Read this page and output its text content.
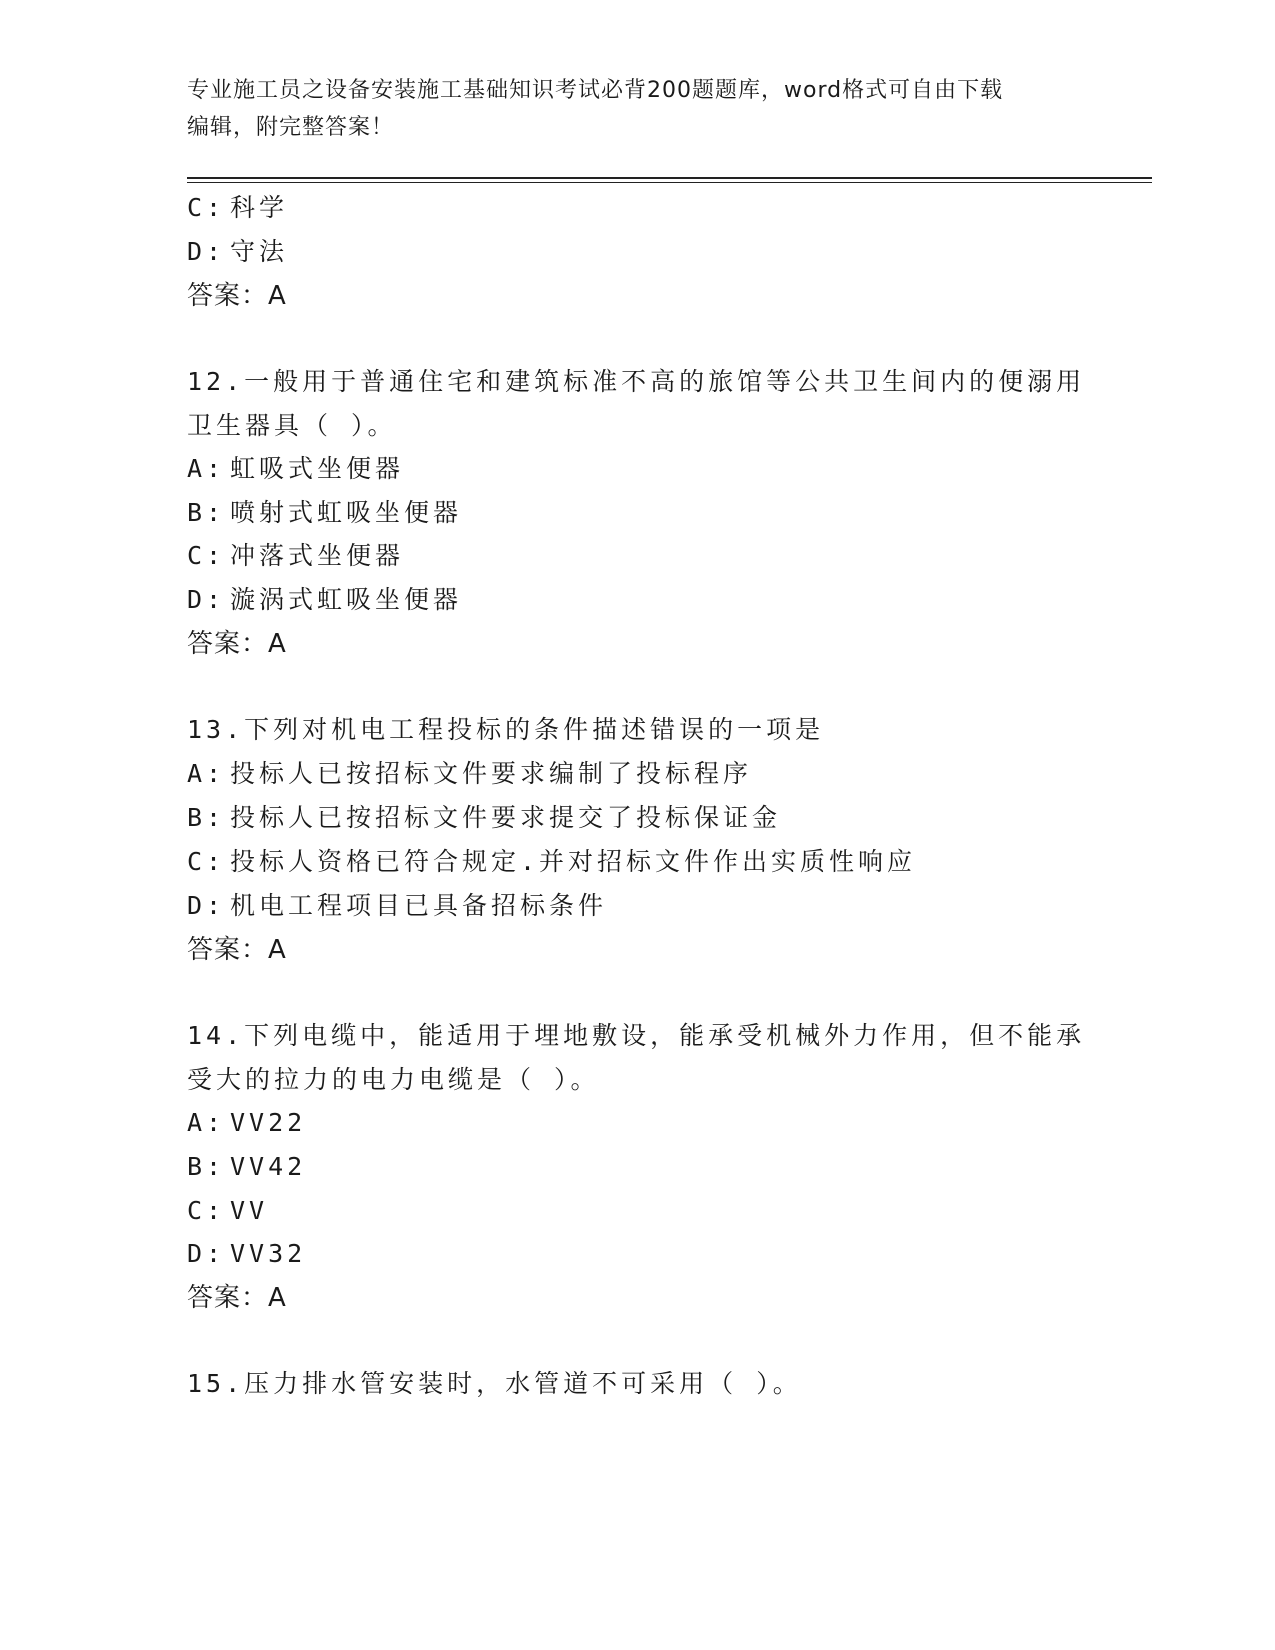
专业施工员之设备安装施工基础知识考试必背200题题库，word格式可自由下载
编辑，附完整答案！
C: 科学
D: 守法
答案：A
12.一般用于普通住宅和建筑标准不高的旅馆等公共卫生间内的便溺用
卫生器具（ ）。
A: 虹吸式坐便器
B: 喷射式虹吸坐便器
C: 冲落式坐便器
D: 漩涡式虹吸坐便器
答案：A
13.下列对机电工程投标的条件描述错误的一项是
A: 投标人已按招标文件要求编制了投标程序
B: 投标人已按招标文件要求提交了投标保证金
C: 投标人资格已符合规定.并对招标文件作出实质性响应
D: 机电工程项目已具备招标条件
答案：A
14.下列电缆中，能适用于埋地敷设，能承受机械外力作用，但不能承
受大的拉力的电力电缆是（ ）。
A: VV22
B: VV42
C: VV
D: VV32
答案：A
15.压力排水管安装时，水管道不可采用（ ）。
